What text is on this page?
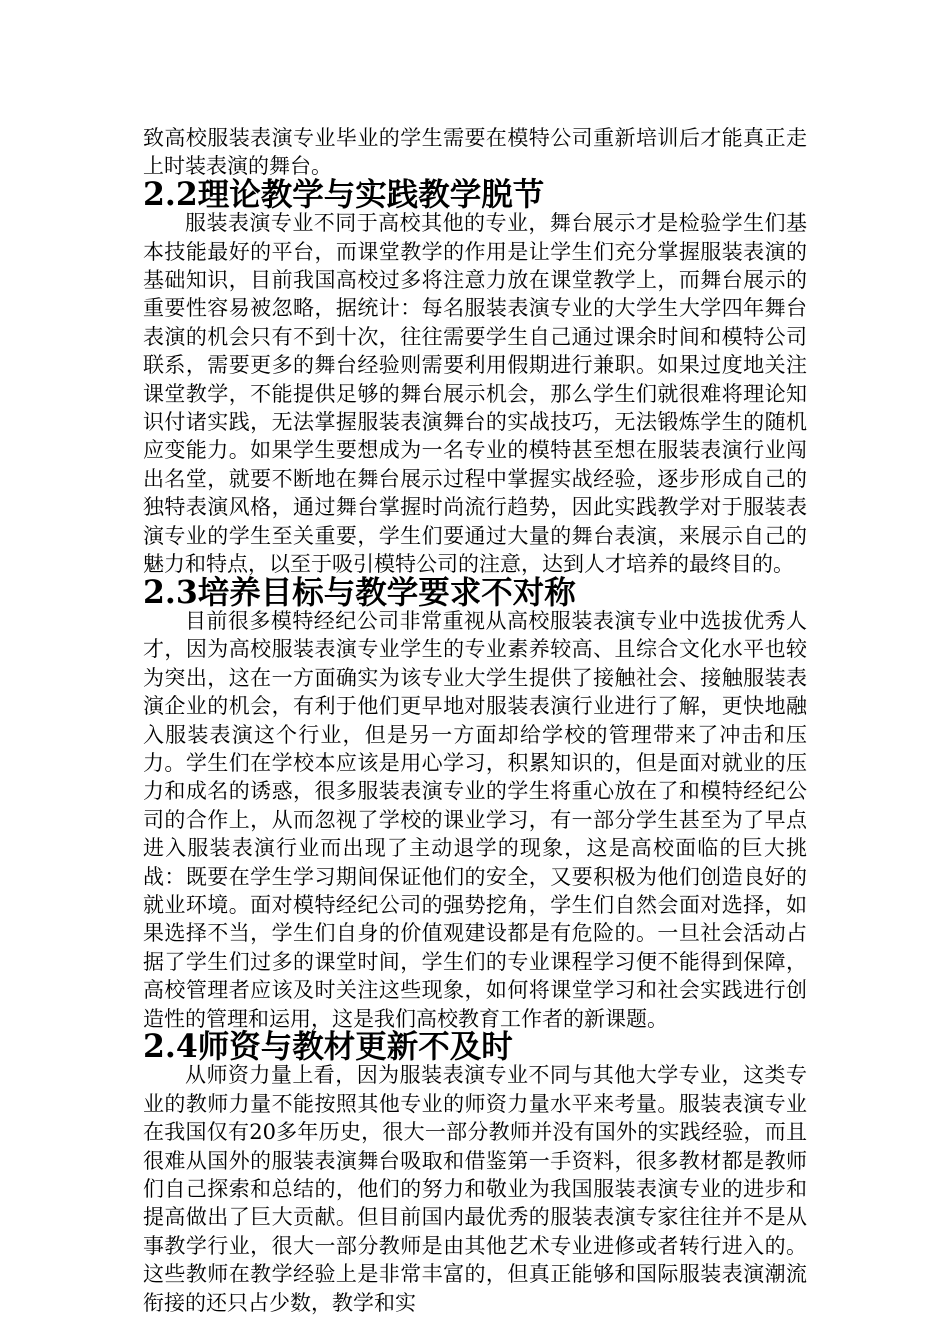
致高校服装表演专业毕业的学生需要在模特公司重新培训后才能真正走上时装表演的舞台。

2.2理论教学与实践教学脱节

服装表演专业不同于高校其他的专业，舞台展示才是检验学生们基本技能最好的平台，而课堂教学的作用是让学生们充分掌握服装表演的基础知识，目前我国高校过多将注意力放在课堂教学上，而舞台展示的重要性容易被忽略，据统计：每名服装表演专业的大学生大学四年舞台表演的机会只有不到十次，往往需要学生自己通过课余时间和模特公司联系，需要更多的舞台经验则需要利用假期进行兼职。如果过度地关注课堂教学，不能提供足够的舞台展示机会，那么学生们就很难将理论知识付诸实践，无法掌握服装表演舞台的实战技巧，无法锻炼学生的随机应变能力。如果学生要想成为一名专业的模特甚至想在服装表演行业闯出名堂，就要不断地在舞台展示过程中掌握实战经验，逐步形成自己的独特表演风格，通过舞台掌握时尚流行趋势，因此实践教学对于服装表演专业的学生至关重要，学生们要通过大量的舞台表演，来展示自己的魅力和特点，以至于吸引模特公司的注意，达到人才培养的最终目的。

2.3培养目标与教学要求不对称

目前很多模特经纪公司非常重视从高校服装表演专业中选拔优秀人才，因为高校服装表演专业学生的专业素养较高、且综合文化水平也较为突出，这在一方面确实为该专业大学生提供了接触社会、接触服装表演企业的机会，有利于他们更早地对服装表演行业进行了解，更快地融入服装表演这个行业，但是另一方面却给学校的管理带来了冲击和压力。学生们在学校本应该是用心学习，积累知识的，但是面对就业的压力和成名的诱惑，很多服装表演专业的学生将重心放在了和模特经纪公司的合作上，从而忽视了学校的课业学习，有一部分学生甚至为了早点进入服装表演行业而出现了主动退学的现象，这是高校面临的巨大挑战：既要在学生学习期间保证他们的安全，又要积极为他们创造良好的就业环境。面对模特经纪公司的强势挖角，学生们自然会面对选择，如果选择不当，学生们自身的价值观建设都是有危险的。一旦社会活动占据了学生们过多的课堂时间，学生们的专业课程学习便不能得到保障，高校管理者应该及时关注这些现象，如何将课堂学习和社会实践进行创造性的管理和运用，这是我们高校教育工作者的新课题。

2.4师资与教材更新不及时

从师资力量上看，因为服装表演专业不同与其他大学专业，这类专业的教师力量不能按照其他专业的师资力量水平来考量。服装表演专业在我国仅有20多年历史，很大一部分教师并没有国外的实践经验，而且很难从国外的服装表演舞台吸取和借鉴第一手资料，很多教材都是教师们自己探索和总结的，他们的努力和敬业为我国服装表演专业的进步和提高做出了巨大贡献。但目前国内最优秀的服装表演专家往往并不是从事教学行业，很大一部分教师是由其他艺术专业进修或者转行进入的。这些教师在教学经验上是非常丰富的，但真正能够和国际服装表演潮流衔接的还只占少数，教学和实
